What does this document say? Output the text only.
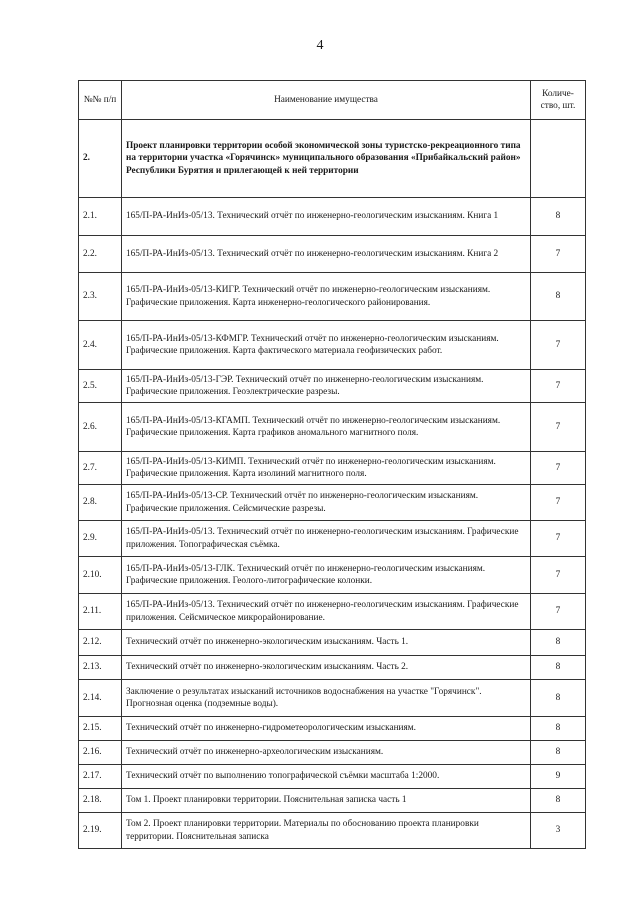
4
№№ п/п	Наименование имущества	Количе-ство, шт.
2.	Проект планировки территории особой экономической зоны туристско-рекреационного типа на территории участка «Горячинск» муниципального образования «Прибайкальский район» Республики Бурятия и прилегающей к ней территории	
2.1.	165/П-РА-ИнИз-05/13. Технический отчёт по инженерно-геологическим изысканиям. Книга 1	8
2.2.	165/П-РА-ИнИз-05/13. Технический отчёт по инженерно-геологическим изысканиям. Книга 2	7
2.3.	165/П-РА-ИнИз-05/13-КИГР. Технический отчёт по инженерно-геологическим изысканиям. Графические приложения. Карта инженерно-геологического районирования.	8
2.4.	165/П-РА-ИнИз-05/13-КФМГР. Технический отчёт по инженерно-геологическим изысканиям. Графические приложения. Карта фактического материала геофизических работ.	7
2.5.	165/П-РА-ИнИз-05/13-ГЭР. Технический отчёт по инженерно-геологическим изысканиям. Графические приложения. Геоэлектрические разрезы.	7
2.6.	165/П-РА-ИнИз-05/13-КГАМП. Технический отчёт по инженерно-геологическим изысканиям. Графические приложения. Карта графиков аномального магнитного поля.	7
2.7.	165/П-РА-ИнИз-05/13-КИМП. Технический отчёт по инженерно-геологическим изысканиям. Графические приложения. Карта изолиний магнитного поля.	7
2.8.	165/П-РА-ИнИз-05/13-СР. Технический отчёт по инженерно-геологическим изысканиям. Графические приложения. Сейсмические разрезы.	7
2.9.	165/П-РА-ИнИз-05/13. Технический отчёт по инженерно-геологическим изысканиям. Графические приложения. Топографическая съёмка.	7
2.10.	165/П-РА-ИнИз-05/13-ГЛК. Технический отчёт по инженерно-геологическим изысканиям. Графические приложения. Геолого-литографические колонки.	7
2.11.	165/П-РА-ИнИз-05/13. Технический отчёт по инженерно-геологическим изысканиям. Графические приложения. Сейсмическое микрорайонирование.	7
2.12.	Технический отчёт по инженерно-экологическим изысканиям. Часть 1.	8
2.13.	Технический отчёт по инженерно-экологическим изысканиям. Часть 2.	8
2.14.	Заключение о результатах изысканий источников водоснабжения на участке "Горячинск". Прогнозная оценка (подземные воды).	8
2.15.	Технический отчёт по инженерно-гидрометеорологическим изысканиям.	8
2.16.	Технический отчёт по инженерно-археологическим изысканиям.	8
2.17.	Технический отчёт по выполнению топографической съёмки масштаба 1:2000.	9
2.18.	Том 1. Проект планировки территории. Пояснительная записка часть 1	8
2.19.	Том 2. Проект планировки территории. Материалы по обоснованию проекта планировки территории. Пояснительная записка	3
